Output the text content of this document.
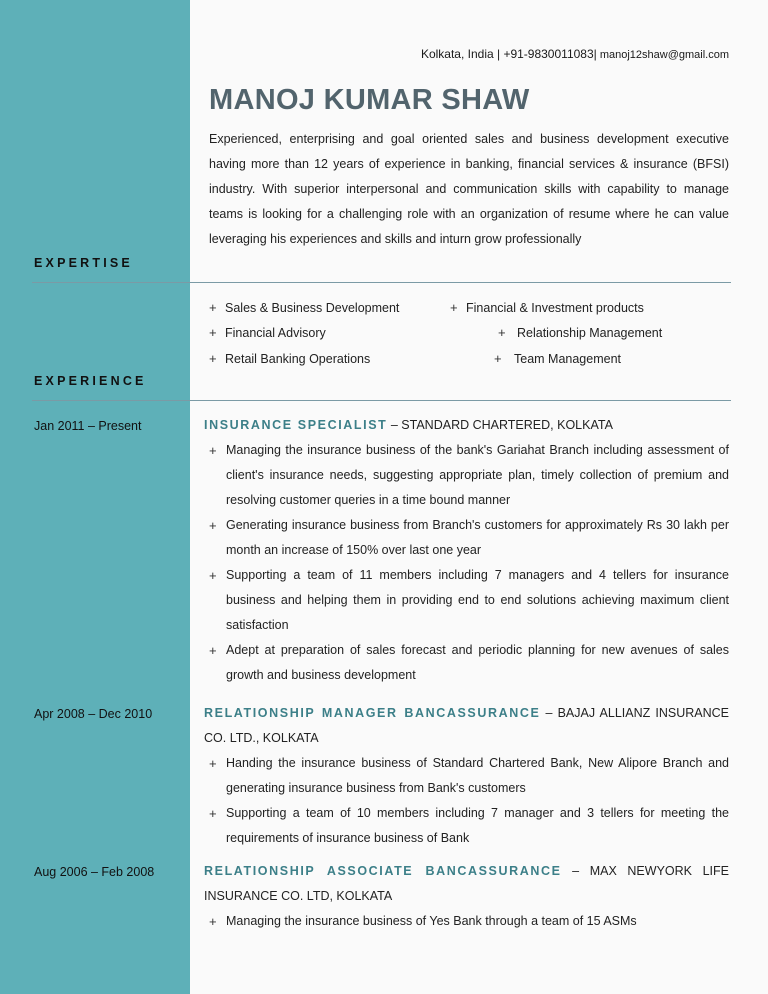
Kolkata, India | +91-9830011083| manoj12shaw@gmail.com
MANOJ KUMAR SHAW
Experienced, enterprising and goal oriented sales and business development executive having more than 12 years of experience in banking, financial services & insurance (BFSI) industry. With superior interpersonal and communication skills with capability to manage teams is looking for a challenging role with an organization of resume where he can value leveraging his experiences and skills and inturn grow professionally
EXPERTISE
+ Sales & Business Development	+ Financial & Investment products
+ Financial Advisory	+ Relationship Management
+ Retail Banking Operations	+ Team Management
EXPERIENCE
Jan 2011 – Present	INSURANCE SPECIALIST – STANDARD CHARTERED, KOLKATA

+ Managing the insurance business of the bank's Gariahat Branch including assessment of client's insurance needs, suggesting appropriate plan, timely collection of premium and resolving customer queries in a time bound manner
+ Generating insurance business from Branch's customers for approximately Rs 30 lakh per month an increase of 150% over last one year
+ Supporting a team of 11 members including 7 managers and 4 tellers for insurance business and helping them in providing end to end solutions achieving maximum client satisfaction
+ Adept at preparation of sales forecast and periodic planning for new avenues of sales growth and business development
Apr 2008 – Dec 2010	RELATIONSHIP MANAGER BANCASSURANCE – BAJAJ ALLIANZ INSURANCE CO. LTD., KOLKATA

+ Handing the insurance business of Standard Chartered Bank, New Alipore Branch and generating insurance business from Bank's customers
+ Supporting a team of 10 members including 7 manager and 3 tellers for meeting the requirements of insurance business of Bank
Aug 2006 – Feb 2008	RELATIONSHIP ASSOCIATE BANCASSURANCE – MAX NEWYORK LIFE INSURANCE CO. LTD, KOLKATA

+ Managing the insurance business of Yes Bank through a team of 15 ASMs
